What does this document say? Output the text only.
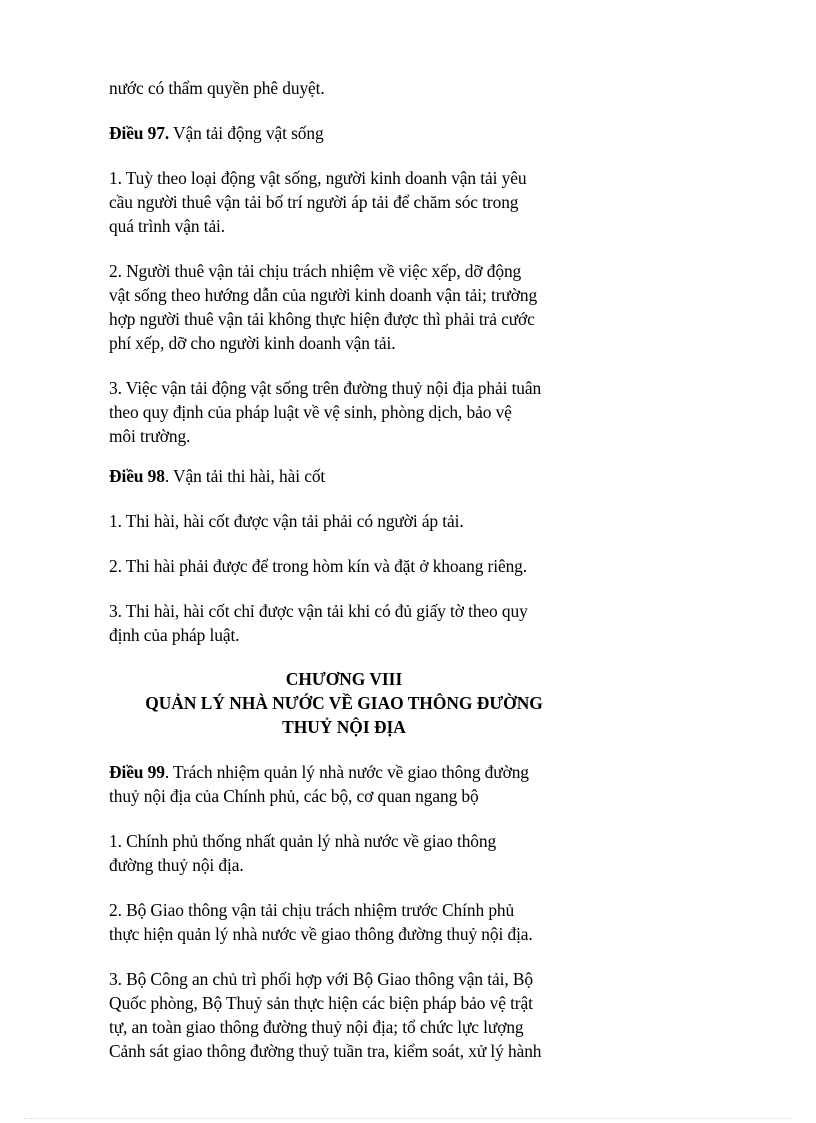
nước có thẩm quyền phê duyệt.

Điều 97. Vận tải động vật sống

1. Tuỳ theo loại động vật sống, người kinh doanh vận tải yêu
cầu người thuê vận tải bố trí người áp tải để chăm sóc trong
quá trình vận tải.

2. Người thuê vận tải chịu trách nhiệm về việc xếp, dỡ động
vật sống theo hướng dẫn của người kinh doanh vận tải; trường
hợp người thuê vận tải không thực hiện được thì phải trả cước
phí xếp, dỡ cho người kinh doanh vận tải.

3. Việc vận tải động vật sống trên đường thuỷ nội địa phải tuân
theo quy định của pháp luật về vệ sinh, phòng dịch, bảo vệ
môi trường.

Điều 98. Vận tải thi hài, hài cốt

1. Thi hài, hài cốt được vận tải phải có người áp tải.

2. Thi hài phải được để trong hòm kín và đặt ở khoang riêng.

3. Thi hài, hài cốt chỉ được vận tải khi có đủ giấy tờ theo quy
định của pháp luật.

CHƯƠNG VIII
QUẢN LÝ NHÀ NƯỚC VỀ GIAO THÔNG ĐƯỜNG
THUỶ NỘI ĐỊA

Điều 99. Trách nhiệm quản lý nhà nước về giao thông đường
thuỷ nội địa của Chính phủ, các bộ, cơ quan ngang bộ

1. Chính phủ thống nhất quản lý nhà nước về giao thông
đường thuỷ nội địa.

2. Bộ Giao thông vận tải chịu trách nhiệm trước Chính phủ
thực hiện quản lý nhà nước về giao thông đường thuỷ nội địa.

3. Bộ Công an chủ trì phối hợp với Bộ Giao thông vận tải, Bộ
Quốc phòng, Bộ Thuỷ sản thực hiện các biện pháp bảo vệ trật
tự, an toàn giao thông đường thuỷ nội địa; tổ chức lực lượng
Cảnh sát giao thông đường thuỷ tuần tra, kiểm soát, xử lý hành
